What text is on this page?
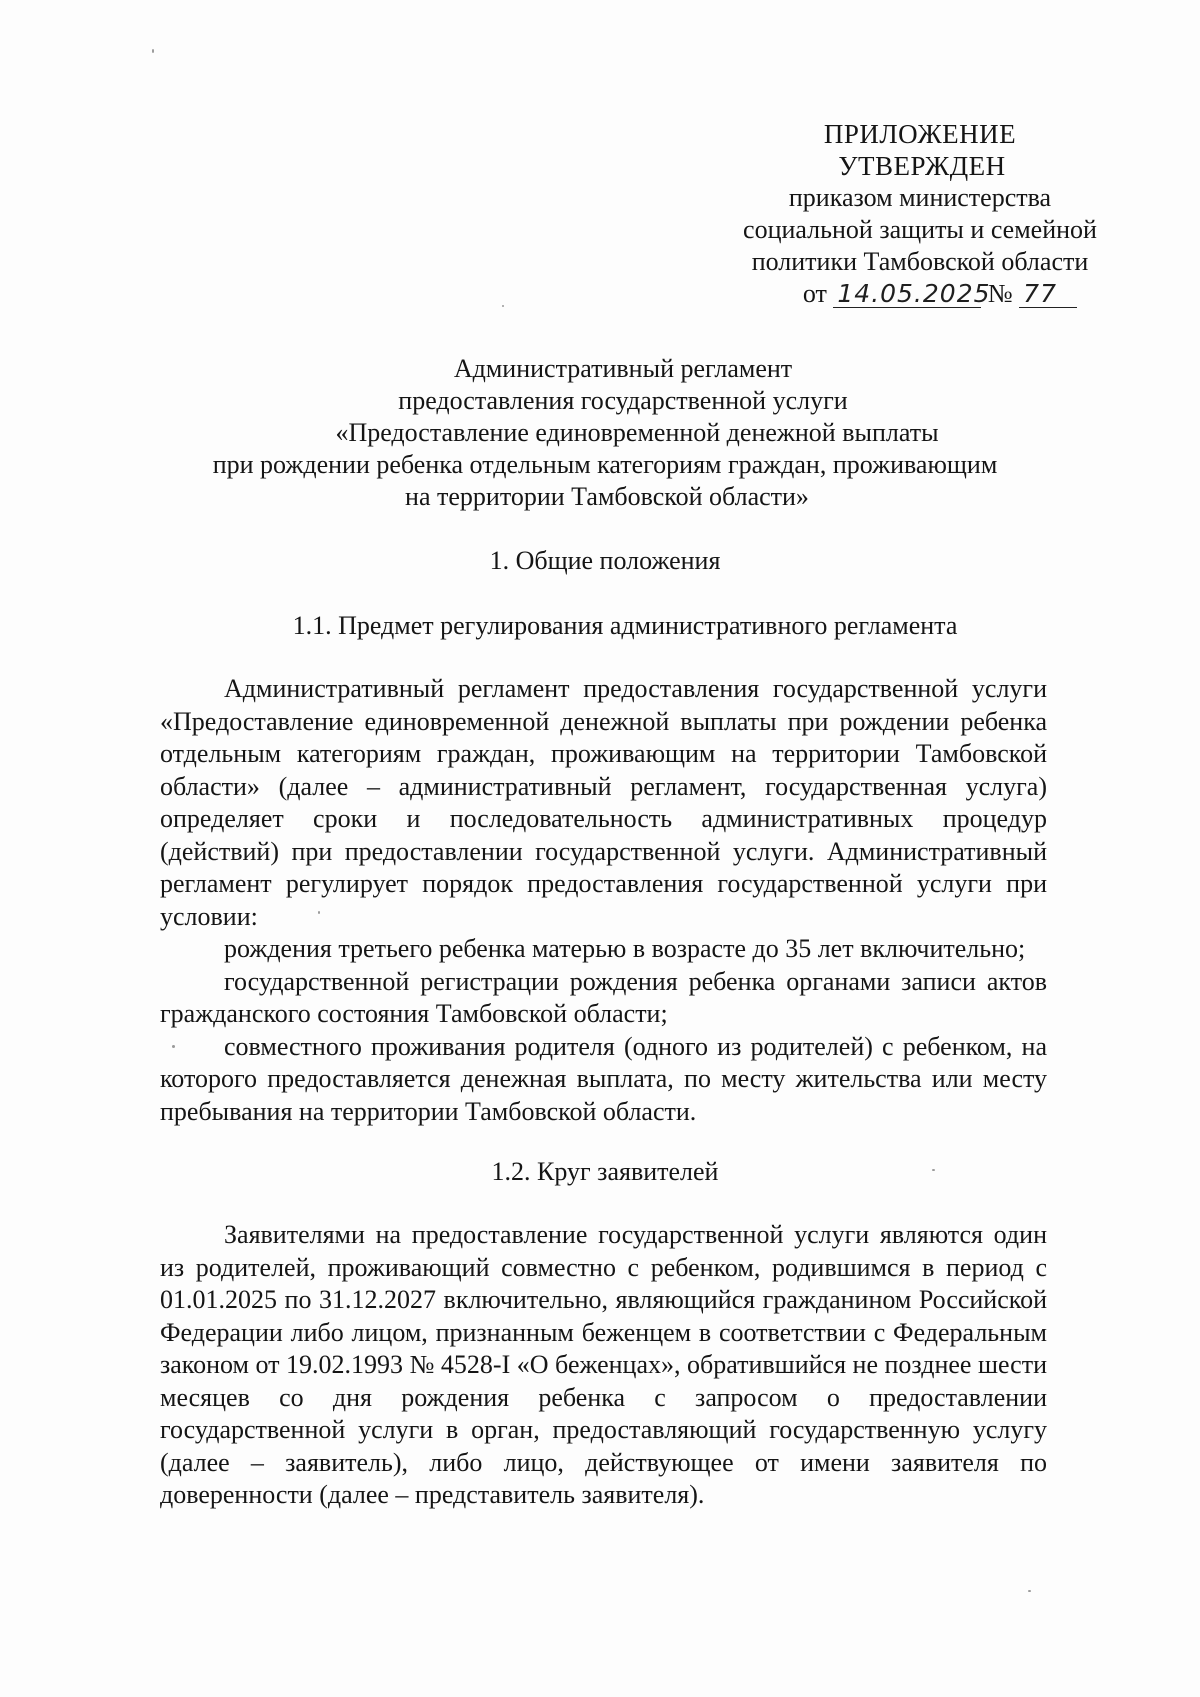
ПРИЛОЖЕНИЕ
УТВЕРЖДЕН
приказом министерства
социальной защиты и семейной
политики Тамбовской области
от 14.05.2025 № 77
Административный регламент
предоставления государственной услуги
«Предоставление единовременной денежной выплаты
при рождении ребенка отдельным категориям граждан, проживающим
на территории Тамбовской области»
1. Общие положения
1.1. Предмет регулирования административного регламента

Административный регламент предоставления государственной услуги «Предоставление единовременной денежной выплаты при рождении ребенка отдельным категориям граждан, проживающим на территории Тамбовской области» (далее – административный регламент, государственная услуга) определяет сроки и последовательность административных процедур (действий) при предоставлении государственной услуги. Административный регламент регулирует порядок предоставления государственной услуги при условии:

рождения третьего ребенка матерью в возрасте до 35 лет включительно;

государственной регистрации рождения ребенка органами записи актов гражданского состояния Тамбовской области;

совместного проживания родителя (одного из родителей) с ребенком, на которого предоставляется денежная выплата, по месту жительства или месту пребывания на территории Тамбовской области.

1.2. Круг заявителей

Заявителями на предоставление государственной услуги являются один из родителей, проживающий совместно с ребенком, родившимся в период с 01.01.2025 по 31.12.2027 включительно, являющийся гражданином Российской Федерации либо лицом, признанным беженцем в соответствии с Федеральным законом от 19.02.1993 № 4528-I «О беженцах», обратившийся не позднее шести месяцев со дня рождения ребенка с запросом о предоставлении государственной услуги в орган, предоставляющий государственную услугу (далее – заявитель), либо лицо, действующее от имени заявителя по доверенности (далее – представитель заявителя).
